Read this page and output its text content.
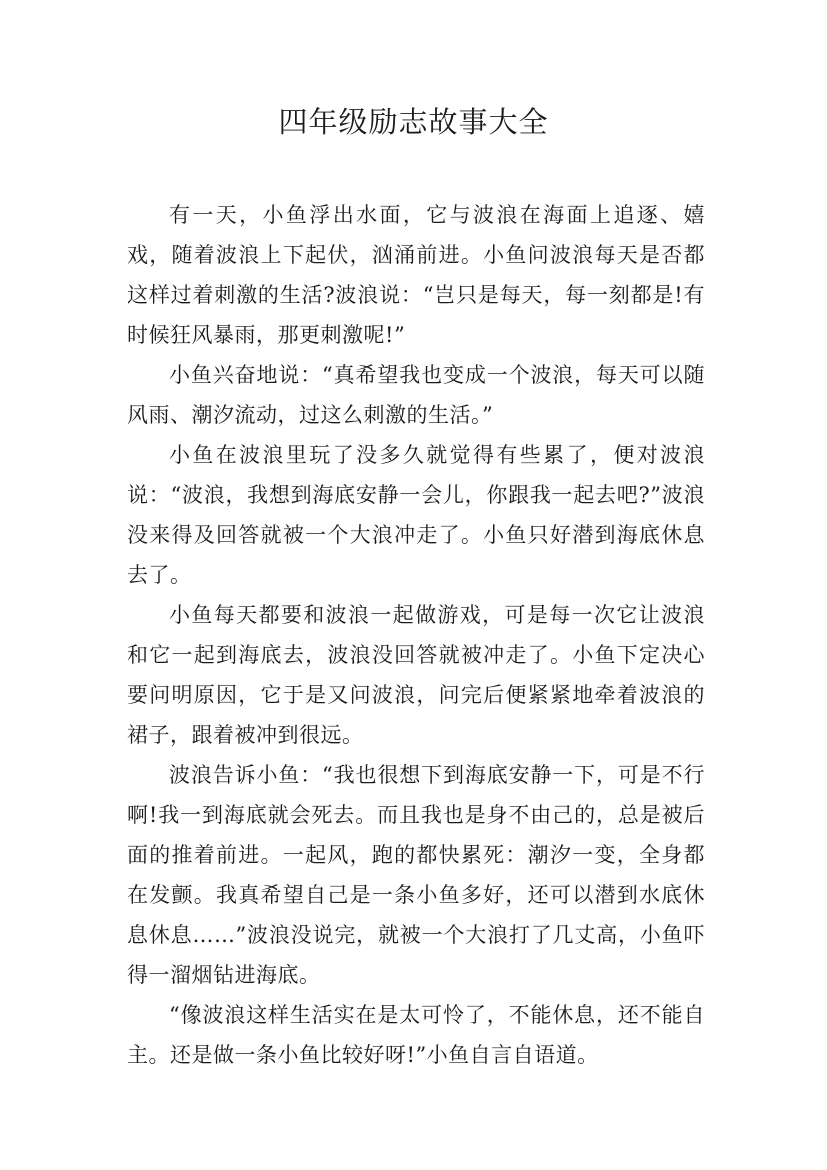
四年级励志故事大全

有一天，小鱼浮出水面，它与波浪在海面上追逐、嬉戏，随着波浪上下起伏，汹涌前进。小鱼问波浪每天是否都这样过着刺激的生活?波浪说：“岂只是每天，每一刻都是!有时候狂风暴雨，那更刺激呢!”

小鱼兴奋地说：“真希望我也变成一个波浪，每天可以随风雨、潮汐流动，过这么刺激的生活。”

小鱼在波浪里玩了没多久就觉得有些累了，便对波浪说：“波浪，我想到海底安静一会儿，你跟我一起去吧?”波浪没来得及回答就被一个大浪冲走了。小鱼只好潜到海底休息去了。

小鱼每天都要和波浪一起做游戏，可是每一次它让波浪和它一起到海底去，波浪没回答就被冲走了。小鱼下定决心要问明原因，它于是又问波浪，问完后便紧紧地牵着波浪的裙子，跟着被冲到很远。

波浪告诉小鱼：“我也很想下到海底安静一下，可是不行啊!我一到海底就会死去。而且我也是身不由己的，总是被后面的推着前进。一起风，跑的都快累死：潮汐一变，全身都在发颤。我真希望自己是一条小鱼多好，还可以潜到水底休息休息……”波浪没说完，就被一个大浪打了几丈高，小鱼吓得一溜烟钻进海底。

“像波浪这样生活实在是太可怜了，不能休息，还不能自主。还是做一条小鱼比较好呀!”小鱼自言自语道。
